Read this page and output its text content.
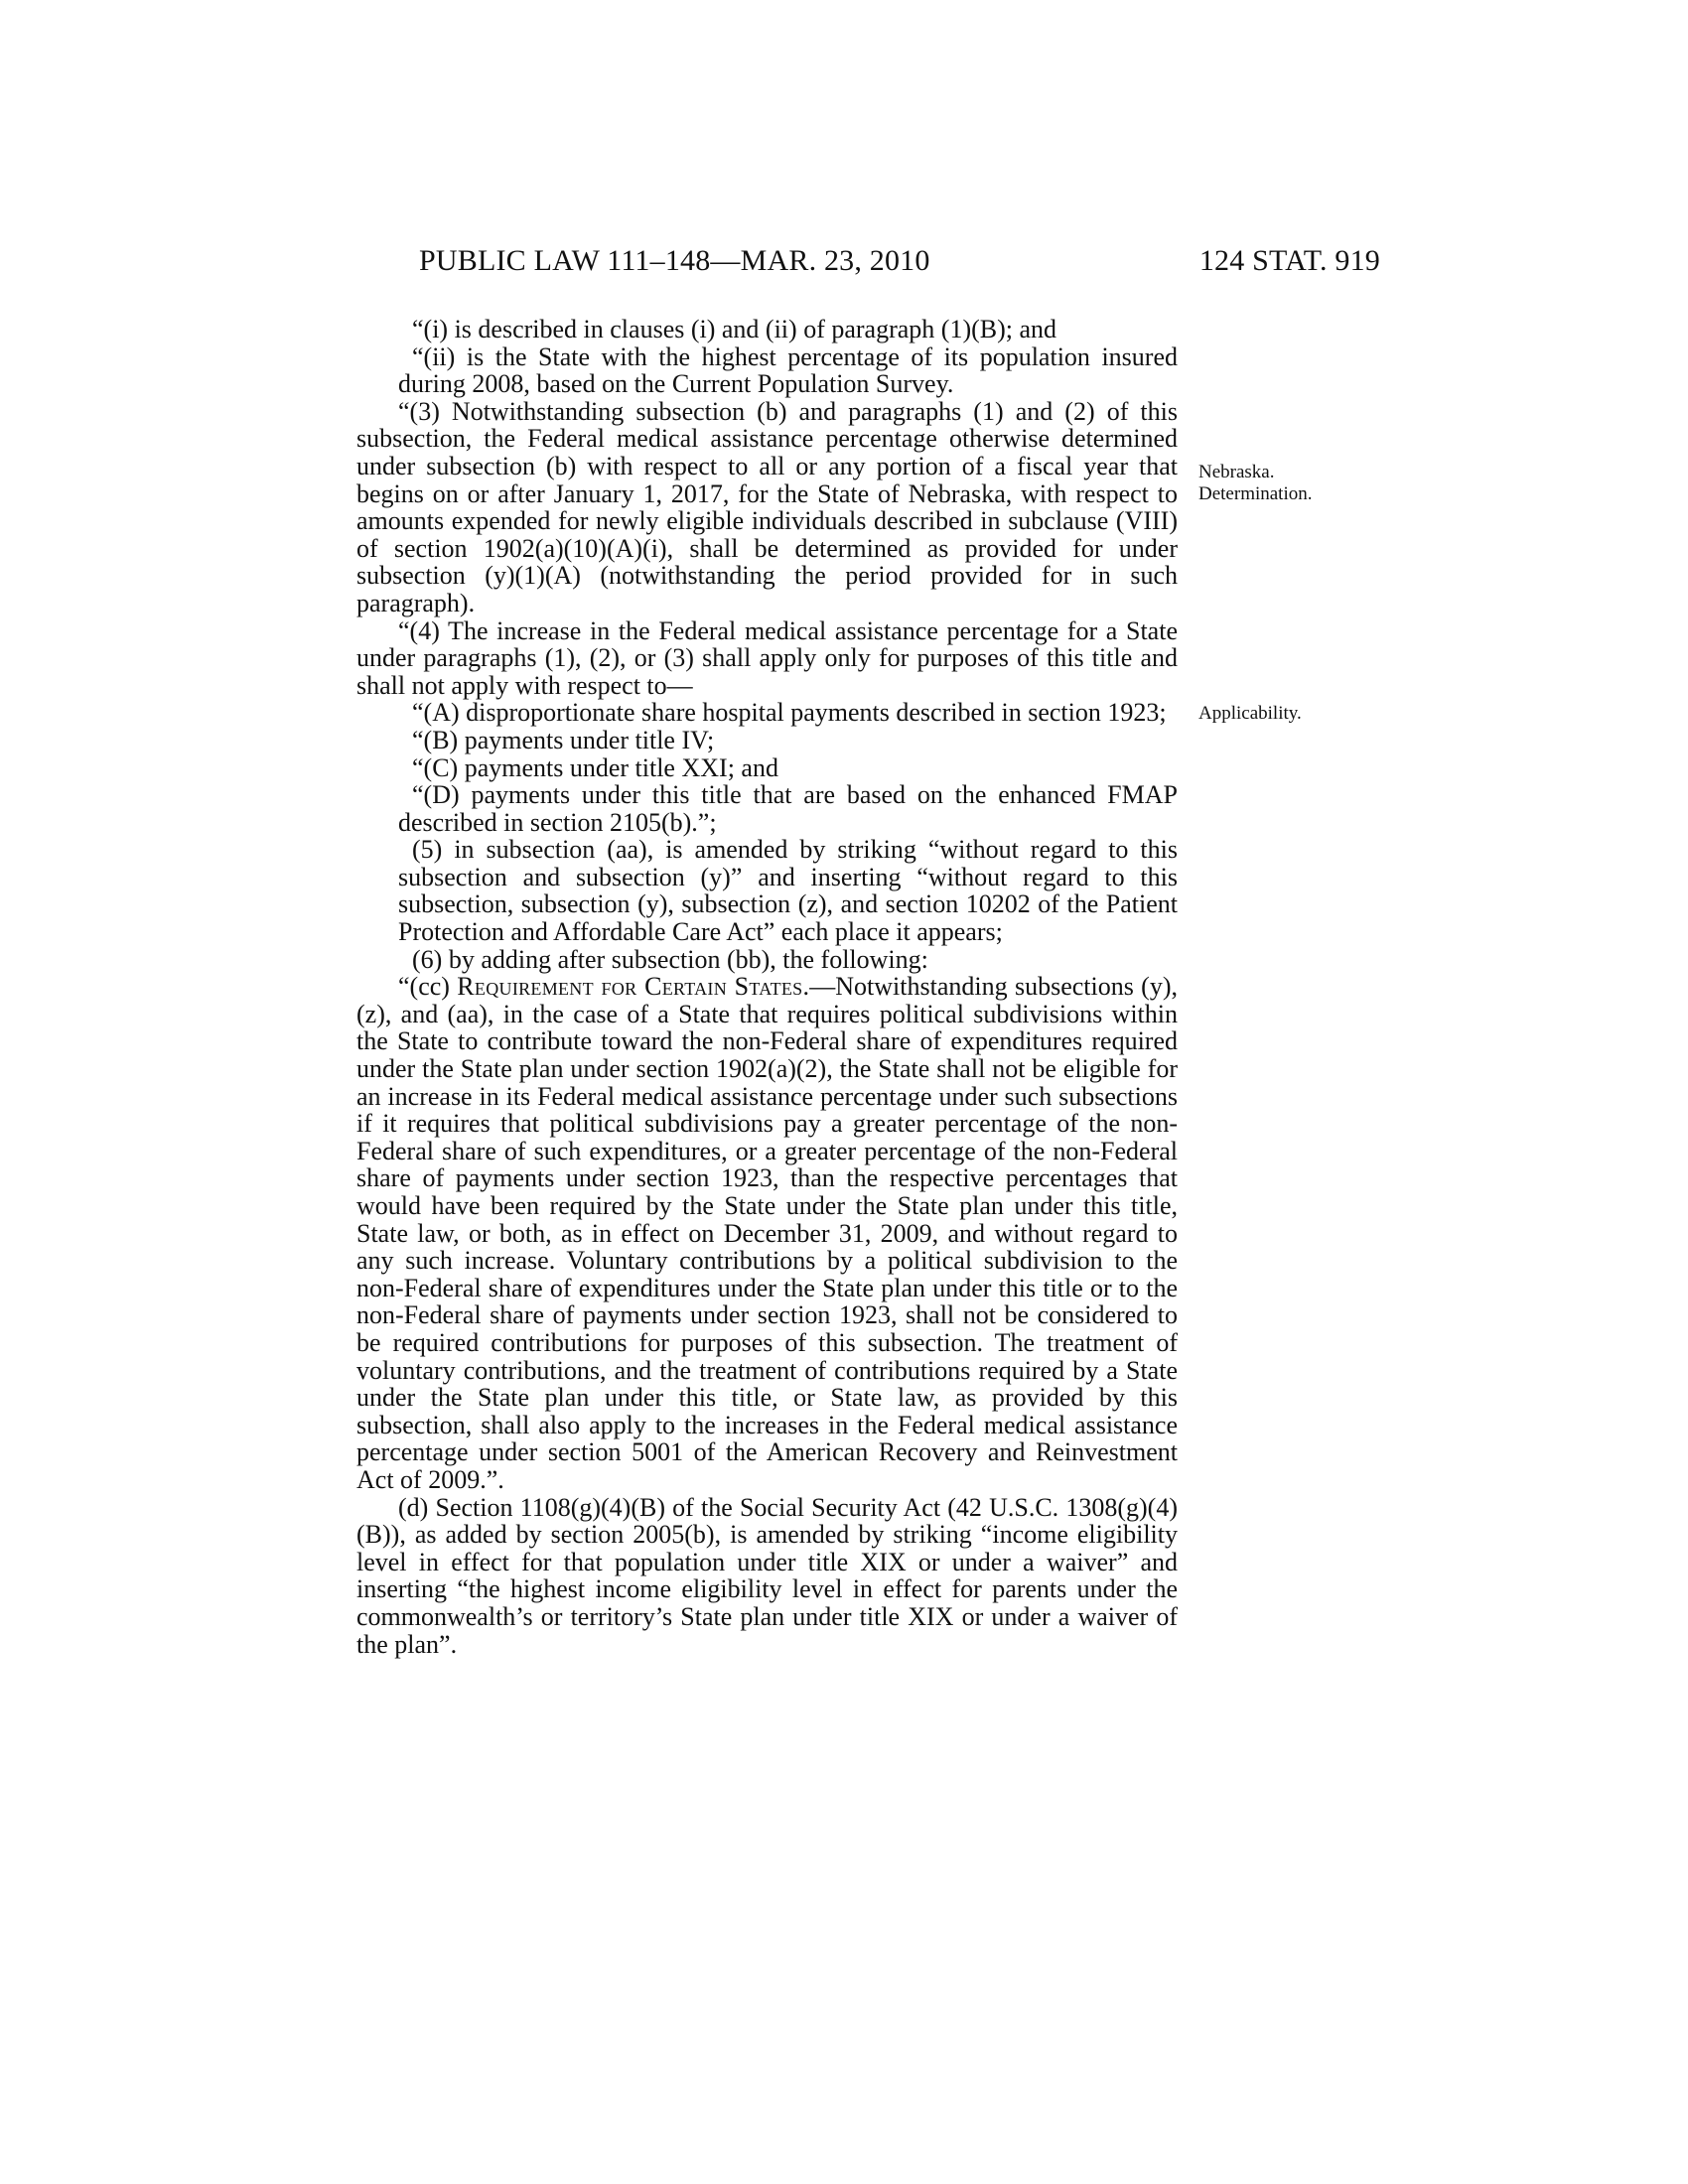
PUBLIC LAW 111–148—MAR. 23, 2010	124 STAT. 919
Nebraska.
Determination.
Applicability.

“(i) is described in clauses (i) and (ii) of paragraph (1)(B); and

“(ii) is the State with the highest percentage of its population insured during 2008, based on the Current Population Survey.

“(3) Notwithstanding subsection (b) and paragraphs (1) and (2) of this subsection, the Federal medical assistance percentage otherwise determined under subsection (b) with respect to all or any portion of a fiscal year that begins on or after January 1, 2017, for the State of Nebraska, with respect to amounts expended for newly eligible individuals described in subclause (VIII) of section 1902(a)(10)(A)(i), shall be determined as provided for under subsection (y)(1)(A) (notwithstanding the period provided for in such paragraph).

“(4) The increase in the Federal medical assistance percentage for a State under paragraphs (1), (2), or (3) shall apply only for purposes of this title and shall not apply with respect to—

“(A) disproportionate share hospital payments described in section 1923;

“(B) payments under title IV;

“(C) payments under title XXI; and

“(D) payments under this title that are based on the enhanced FMAP described in section 2105(b).”;

(5) in subsection (aa), is amended by striking “without regard to this subsection and subsection (y)” and inserting “without regard to this subsection, subsection (y), subsection (z), and section 10202 of the Patient Protection and Affordable Care Act” each place it appears;

(6) by adding after subsection (bb), the following:

“(cc) Requirement for Certain States.—Notwithstanding subsections (y), (z), and (aa), in the case of a State that requires political subdivisions within the State to contribute toward the non-Federal share of expenditures required under the State plan under section 1902(a)(2), the State shall not be eligible for an increase in its Federal medical assistance percentage under such subsections if it requires that political subdivisions pay a greater percentage of the non-Federal share of such expenditures, or a greater percentage of the non-Federal share of payments under section 1923, than the respective percentages that would have been required by the State under the State plan under this title, State law, or both, as in effect on December 31, 2009, and without regard to any such increase. Voluntary contributions by a political subdivision to the non-Federal share of expenditures under the State plan under this title or to the non-Federal share of payments under section 1923, shall not be considered to be required contributions for purposes of this subsection. The treatment of voluntary contributions, and the treatment of contributions required by a State under the State plan under this title, or State law, as provided by this subsection, shall also apply to the increases in the Federal medical assistance percentage under section 5001 of the American Recovery and Reinvestment Act of 2009.”.

(d) Section 1108(g)(4)(B) of the Social Security Act (42 U.S.C. 1308(g)(4)(B)), as added by section 2005(b), is amended by striking “income eligibility level in effect for that population under title XIX or under a waiver” and inserting “the highest income eligibility level in effect for parents under the commonwealth’s or territory’s State plan under title XIX or under a waiver of the plan”.
